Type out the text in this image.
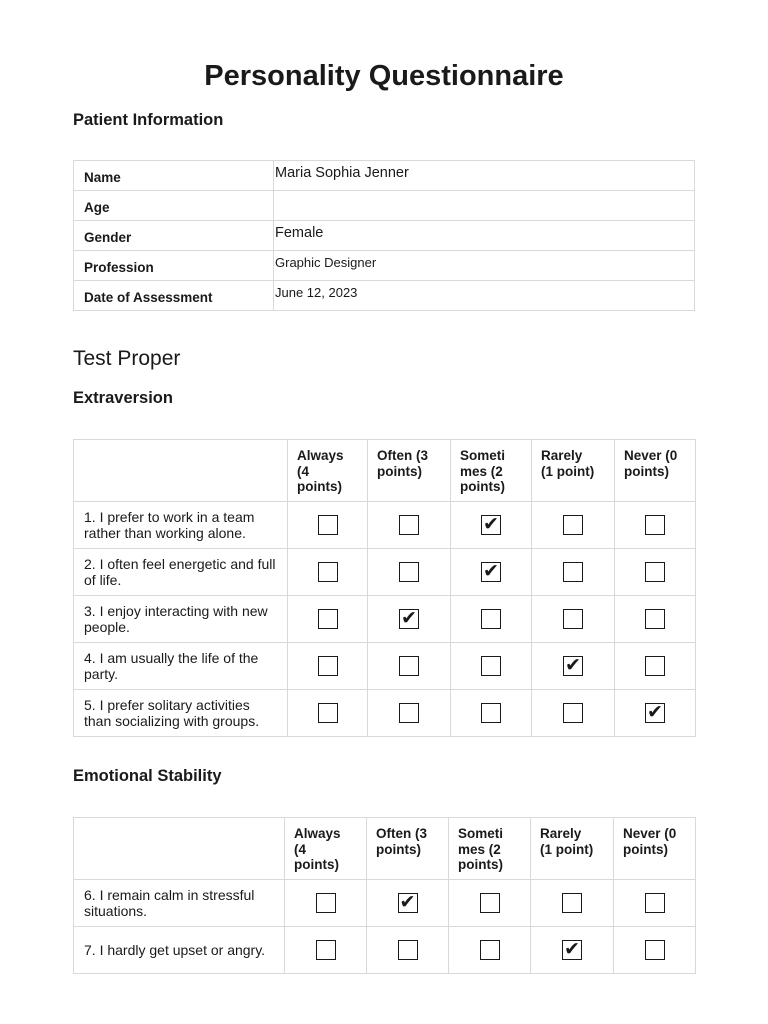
Personality Questionnaire
Patient Information
Name	Maria Sophia Jenner
Age	
Gender	Female
Profession	Graphic Designer
Date of Assessment	June 12, 2023
Test Proper
Extraversion
	Always
(4
points)	Often (3
points)	Someti
mes (2
points)	Rarely
(1 point)	Never (0
points)
1. I prefer to work in a team rather than working alone.			✔		

2. I often feel energetic and full of life.			✔		

3. I enjoy interacting with new people.		✔			

4. I am usually the life of the party.				✔	

5. I prefer solitary activities than socializing with groups.					✔
Emotional Stability
	Always
(4
points)	Often (3
points)	Someti
mes (2
points)	Rarely
(1 point)	Never (0
points)
6. I remain calm in stressful situations.		✔			

7. I hardly get upset or angry.				✔	
